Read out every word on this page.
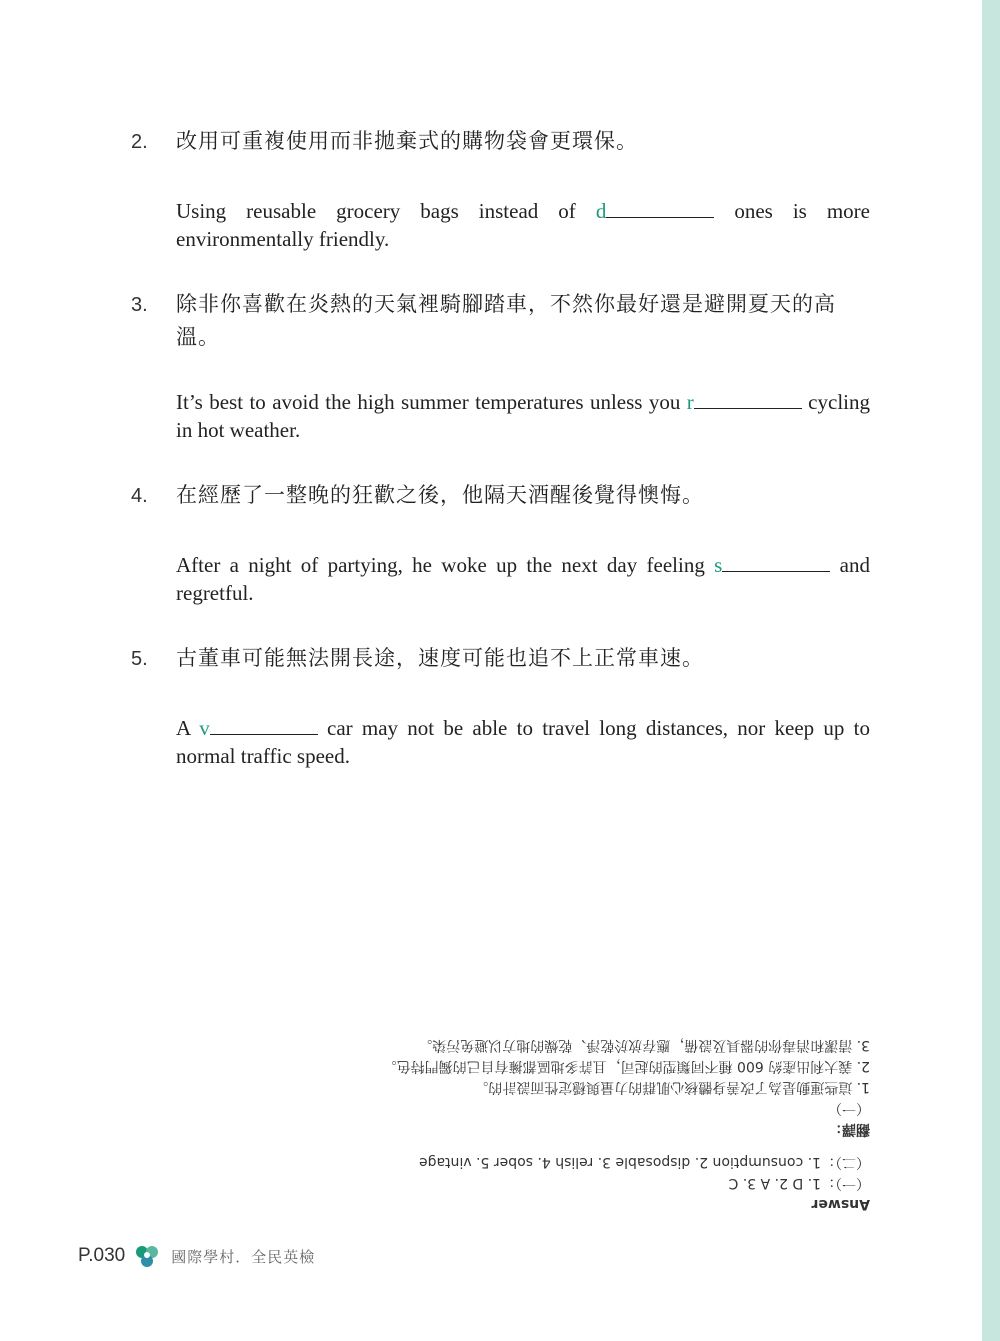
2. 改用可重複使用而非拋棄式的購物袋會更環保。
Using reusable grocery bags instead of d	ones is more environmentally friendly.
3. 除非你喜歡在炎熱的天氣裡騎腳踏車，不然你最好還是避開夏天的高溫。
It’s best to avoid the high summer temperatures unless you r	cycling in hot weather.
4. 在經歷了一整晚的狂歡之後，他隔天酒醒後覺得懊悔。
After a night of partying, he woke up the next day feeling s	and regretful.
5. 古董車可能無法開長途，速度可能也追不上正常車速。
A v	car may not be able to travel long distances, nor keep up to normal traffic speed.

Answer

（一）：1. D 2. A 3. C

（二）：1. consumption 2. disposable 3. relish 4. sober 5. vintage

翻譯：

（一）

1. 這些運動是為了改善身體核心肌群的力量與穩定性而設計的。

2. 義大利出產約 600 種不同類型的起司，且許多地區都擁有自己的獨門特色。

3. 清潔和消毒你的器具及設備，應存放於乾淨、乾燥的地方以避免污染。

P.030	國際學村．全民英檢
